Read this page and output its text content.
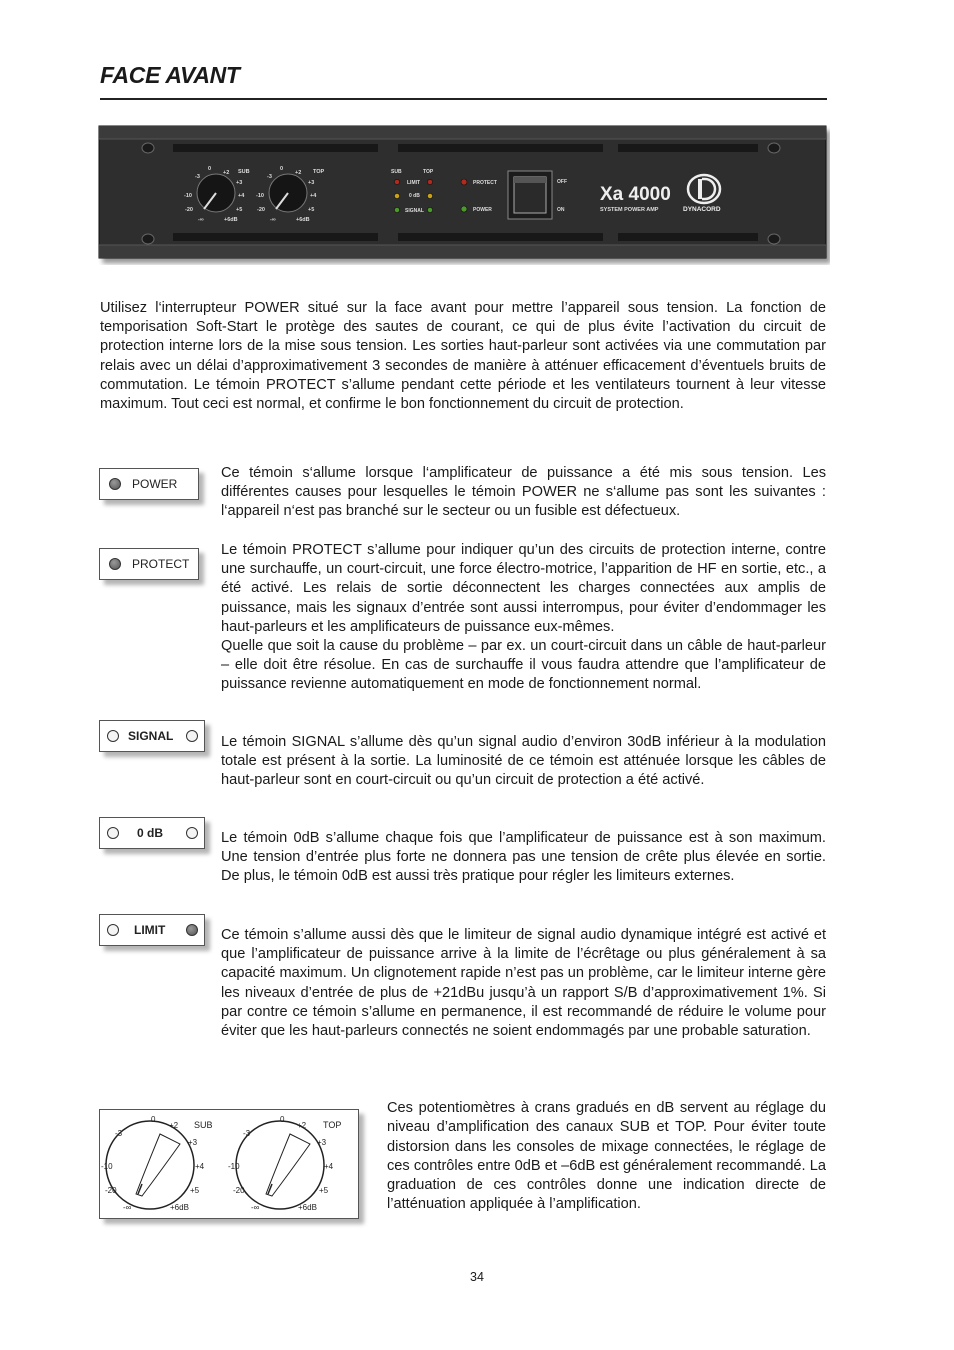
FACE AVANT
SUB	TOP
0
+2
-3
+3
-10	+4
-20	+5
-∞	+6dB
0
+2
-3
+3
-10	+4
-20	+5
-∞	+6dB
SUB	TOP
LIMIT
0 dB
SIGNAL
PROTECT
POWER
OFF
ON
Xa 4000
SYSTEM POWER AMP	DYNACORD

Utilisez l‘interrupteur POWER situé sur la face avant pour mettre l’appareil sous tension. La fonction de temporisation Soft-Start le protège des sautes de courant, ce qui de plus évite l’activation du circuit de protection interne lors de la mise sous tension. Les sorties haut-parleur sont activées via une commutation par relais avec un délai d’approximativement 3 secondes de manière à atténuer efficacement d’éventuels bruits de commutation. Le témoin PROTECT s’allume pendant cette période et les ventilateurs tournent à leur vitesse maximum. Tout ceci est normal, et confirme le bon fonctionnement du circuit de protection.

POWER

Ce témoin s‘allume lorsque l‘amplificateur de puissance a été mis sous tension. Les différentes causes pour lesquelles le témoin POWER ne s‘allume pas sont les suivantes : l‘appareil n‘est pas branché sur le secteur ou un fusible est défectueux.

PROTECT

Le témoin PROTECT s’allume pour indiquer qu’un des circuits de protection interne, contre une surchauffe, un court-circuit, une force électro-motrice, l’apparition de HF en sortie, etc., a été activé. Les relais de sortie déconnectent les charges connectées aux amplis de puissance, mais les signaux d’entrée sont aussi interrompus, pour éviter d’endommager les haut-parleurs et les amplificateurs de puissance eux-mêmes.

Quelle que soit la cause du problème – par ex. un court-circuit dans un câble de haut-parleur – elle doit être résolue. En cas de surchauffe il vous faudra attendre que l’amplificateur de puissance revienne automatiquement en mode de fonctionnement normal.

SIGNAL	Le témoin SIGNAL s’allume dès qu’un signal audio d’environ 30dB inférieur à la modulation totale est présent à la sortie. La luminosité de ce témoin est atténuée lorsque les câbles de haut-parleur sont en court-circuit ou qu’un circuit de protection a été activé.

0 dB	Le témoin 0dB s’allume chaque fois que l’amplificateur de puissance est à son maximum. Une tension d’entrée plus forte ne donnera pas une tension de crête plus élevée en sortie. De plus, le témoin 0dB est aussi très pratique pour régler les limiteurs externes.

LIMIT	Ce témoin s’allume aussi dès que le limiteur de signal audio dynamique intégré est activé et que l’amplificateur de puissance arrive à la limite de l’écrêtage ou plus généralement à sa capacité maximum. Un clignotement rapide n’est pas un problème, car le limiteur interne gère les niveaux d’entrée de plus de +21dBu jusqu’à un rapport S/B d’approximativement 1%. Si par contre ce témoin s’allume en permanence, il est recommandé de réduire le volume pour éviter que les haut-parleurs connectés ne soient endommagés par une probable saturation.

SUB
0
+2
-3
+3
-10	+4
-20	+5
-∞	+6dB
TOP
0
+2
-3
+3
-10	+4
-20	+5
-∞	+6dB

Ces potentiomètres à crans gradués en dB servent au réglage du niveau d’amplification des canaux SUB et TOP. Pour éviter toute distorsion dans les consoles de mixage connectées, le réglage de ces contrôles entre 0dB et –6dB est généralement recommandé. La graduation de ces contrôles donne une indication directe de l’atténuation appliquée à l’amplification.

34
